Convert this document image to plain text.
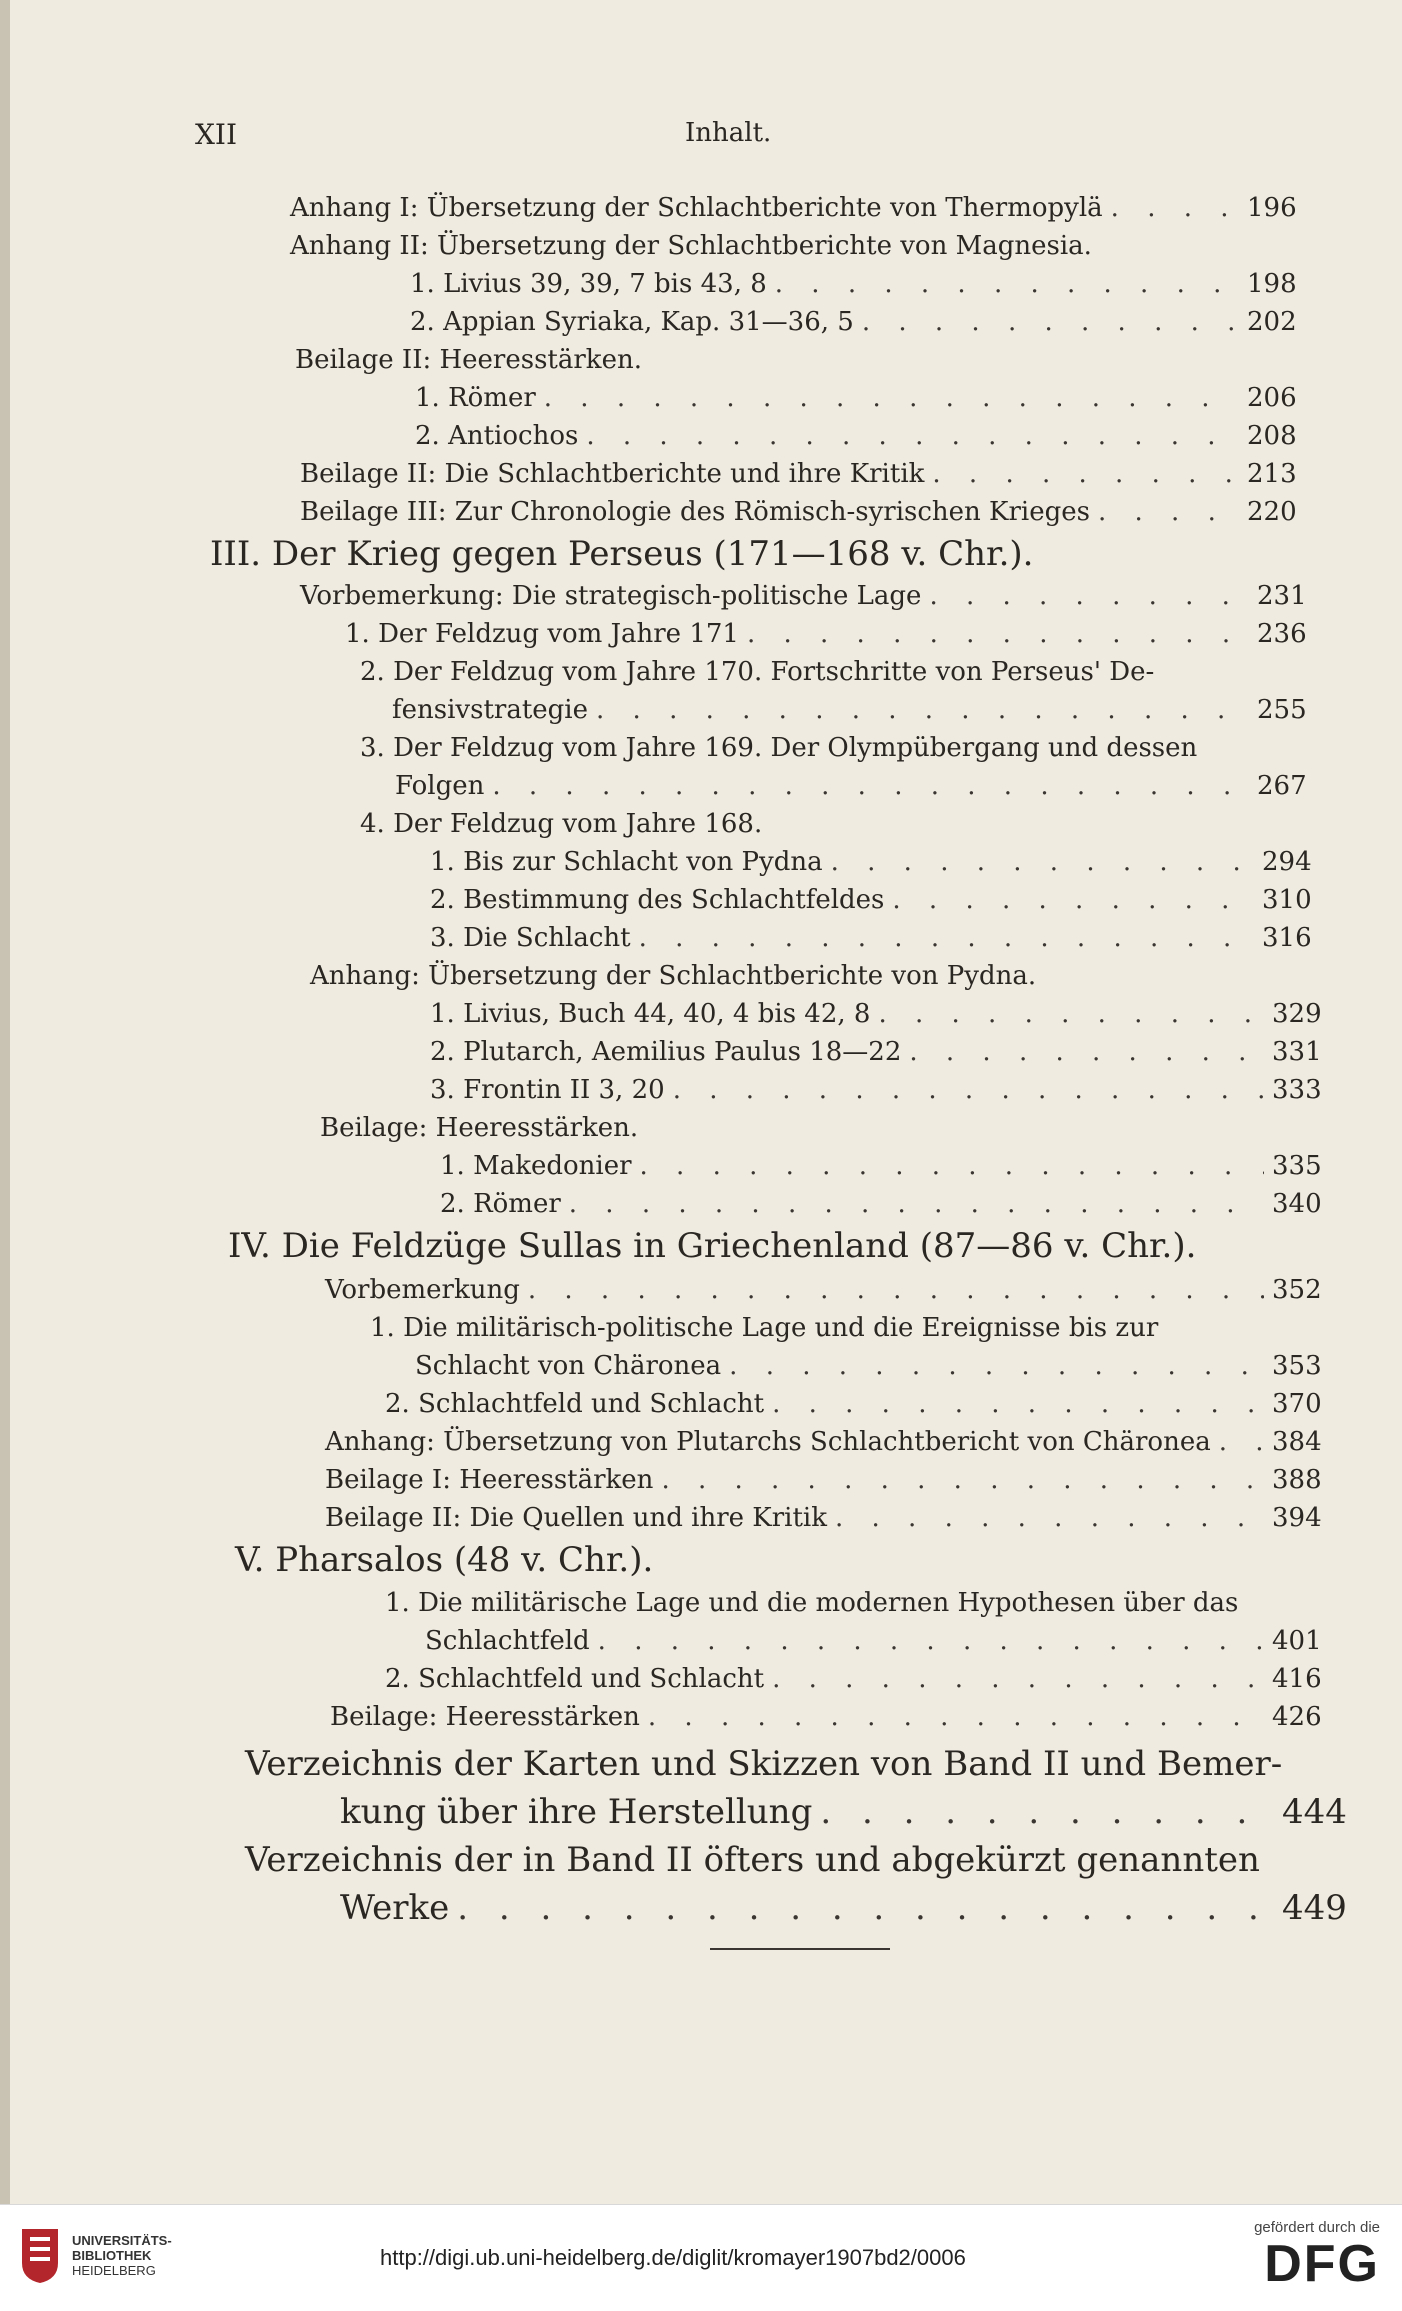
XII	Inhalt.
Anhang I: Übersetzung der Schlachtberichte von Thermopylä . . .	196
Anhang II: Übersetzung der Schlachtberichte von Magnesia.
1. Livius 39, 39, 7 bis 43, 8 . . .	198
2. Appian Syriaka, Kap. 31—36, 5 . . .	202
Beilage II: Heeresstärken.
1. Römer . . .	206
2. Antiochos . . .	208
Beilage II: Die Schlachtberichte und ihre Kritik . . .	213
Beilage III: Zur Chronologie des Römisch-syrischen Krieges . . .	220
III. Der Krieg gegen Perseus (171—168 v. Chr.).
Vorbemerkung: Die strategisch-politische Lage . . .	231
1. Der Feldzug vom Jahre 171 . . .	236
2. Der Feldzug vom Jahre 170. Fortschritte von Perseus' De-
fensivstrategie . . .	255
3. Der Feldzug vom Jahre 169. Der Olympübergang und dessen
Folgen . . .	267
4. Der Feldzug vom Jahre 168.
1. Bis zur Schlacht von Pydna . . .	294
2. Bestimmung des Schlachtfeldes . . .	310
3. Die Schlacht . . .	316
Anhang: Übersetzung der Schlachtberichte von Pydna.
1. Livius, Buch 44, 40, 4 bis 42, 8 . . .	329
2. Plutarch, Aemilius Paulus 18—22 . . .	331
3. Frontin II 3, 20 . . .	333
Beilage: Heeresstärken.
1. Makedonier . . .	335
2. Römer . . .	340
IV. Die Feldzüge Sullas in Griechenland (87—86 v. Chr.).
Vorbemerkung . . .	352
1. Die militärisch-politische Lage und die Ereignisse bis zur
Schlacht von Chäronea . . .	353
2. Schlachtfeld und Schlacht . . .	370
Anhang: Übersetzung von Plutarchs Schlachtbericht von Chäronea . . . 384
Beilage I: Heeresstärken . . .	388
Beilage II: Die Quellen und ihre Kritik . . .	394
V. Pharsalos (48 v. Chr.).
1. Die militärische Lage und die modernen Hypothesen über das
Schlachtfeld . . .	401
2. Schlachtfeld und Schlacht . . .	416
Beilage: Heeresstärken . . .	426
Verzeichnis der Karten und Skizzen von Band II und Bemer-
kung über ihre Herstellung . . .	444
Verzeichnis der in Band II öfters und abgekürzt genannten
Werke . . .	449
UNIVERSITÄTS-
BIBLIOTHEK
HEIDELBERG
http://digi.ub.uni-heidelberg.de/diglit/kromayer1907bd2/0006
gefördert durch die
DFG
